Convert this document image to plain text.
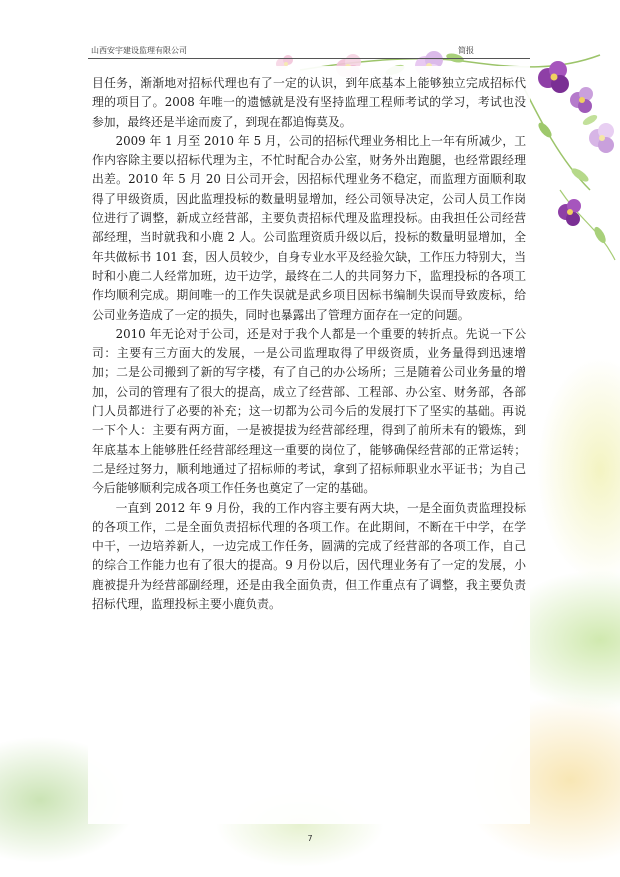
山西安宇建设监理有限公司	简报

目任务，渐渐地对招标代理也有了一定的认识，到年底基本上能够独立完成招标代理的项目了。2008 年唯一的遗憾就是没有坚持监理工程师考试的学习，考试也没参加，最终还是半途而废了，到现在都追悔莫及。

2009 年 1 月至 2010 年 5 月，公司的招标代理业务相比上一年有所减少，工作内容除主要以招标代理为主，不忙时配合办公室，财务外出跑腿，也经常跟经理出差。2010 年 5 月 20 日公司开会，因招标代理业务不稳定，而监理方面顺利取得了甲级资质，因此监理投标的数量明显增加，经公司领导决定，公司人员工作岗位进行了调整，新成立经营部，主要负责招标代理及监理投标。由我担任公司经营部经理，当时就我和小鹿 2 人。公司监理资质升级以后，投标的数量明显增加，全年共做标书 101 套，因人员较少，自身专业水平及经验欠缺，工作压力特别大，当时和小鹿二人经常加班，边干边学，最终在二人的共同努力下，监理投标的各项工作均顺利完成。期间唯一的工作失误就是武乡项目因标书编制失误而导致废标，给公司业务造成了一定的损失，同时也暴露出了管理方面存在一定的问题。

2010 年无论对于公司，还是对于我个人都是一个重要的转折点。先说一下公司：主要有三方面大的发展，一是公司监理取得了甲级资质，业务量得到迅速增加；二是公司搬到了新的写字楼，有了自己的办公场所；三是随着公司业务量的增加，公司的管理有了很大的提高，成立了经营部、工程部、办公室、财务部，各部门人员都进行了必要的补充；这一切都为公司今后的发展打下了坚实的基础。再说一下个人：主要有两方面，一是被提拔为经营部经理，得到了前所未有的锻炼，到年底基本上能够胜任经营部经理这一重要的岗位了，能够确保经营部的正常运转；二是经过努力，顺利地通过了招标师的考试，拿到了招标师职业水平证书；为自己今后能够顺利完成各项工作任务也奠定了一定的基础。

一直到 2012 年 9 月份，我的工作内容主要有两大块，一是全面负责监理投标的各项工作，二是全面负责招标代理的各项工作。在此期间，不断在干中学，在学中干，一边培养新人，一边完成工作任务，圆满的完成了经营部的各项工作，自己的综合工作能力也有了很大的提高。9 月份以后，因代理业务有了一定的发展，小鹿被提升为经营部副经理，还是由我全面负责，但工作重点有了调整，我主要负责招标代理，监理投标主要小鹿负责。

7
